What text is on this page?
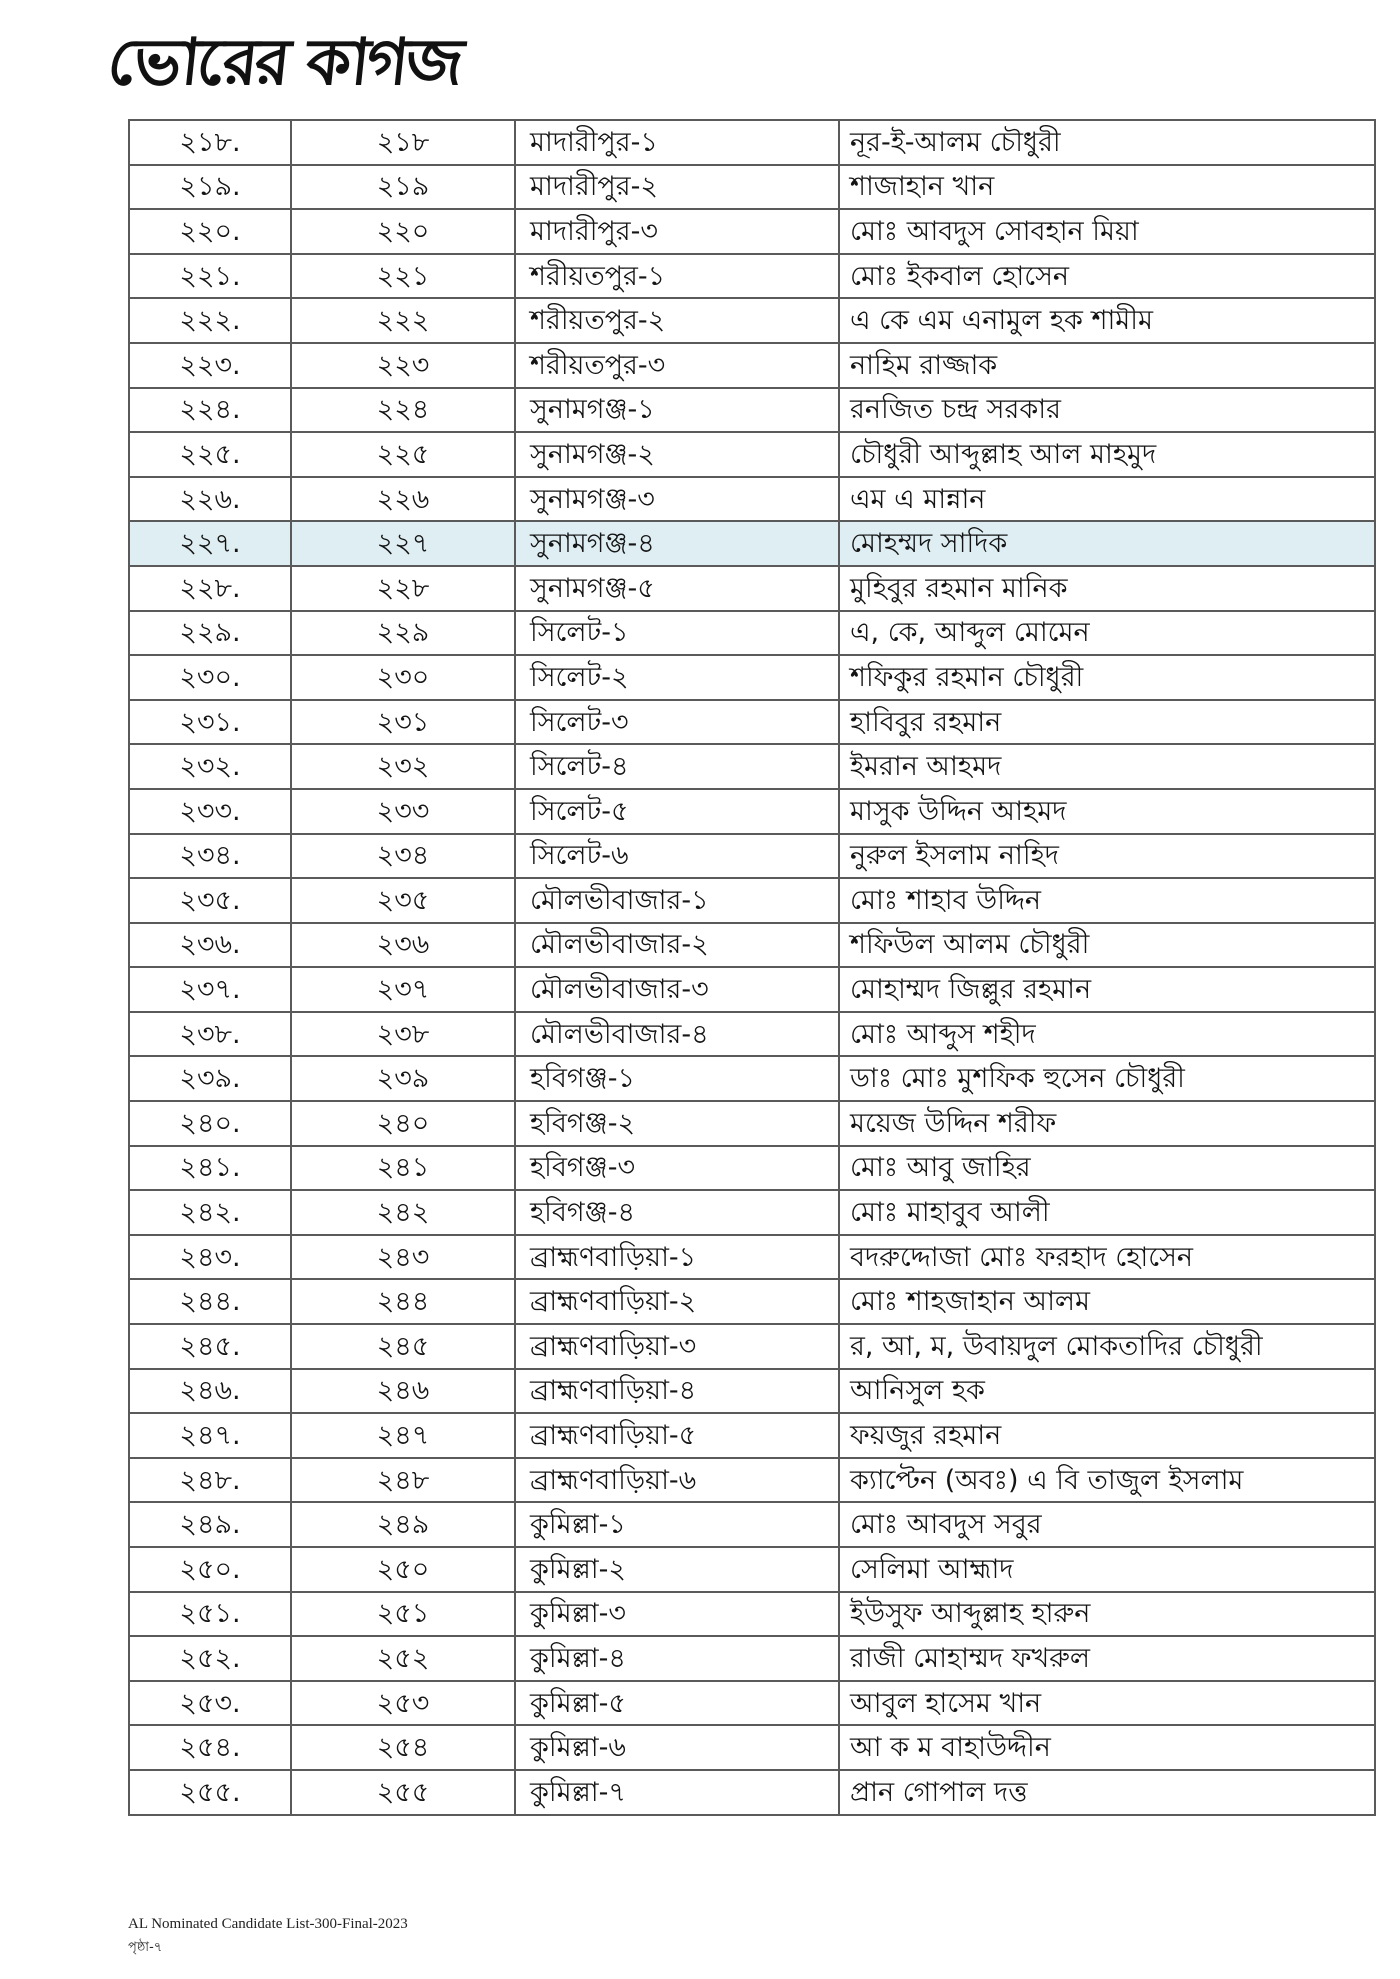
ভোরের কাগজ
২১৮.	২১৮	মাদারীপুর-১	নূর-ই-আলম চৌধুরী
২১৯.	২১৯	মাদারীপুর-২	শাজাহান খান
২২০.	২২০	মাদারীপুর-৩	মোঃ আবদুস সোবহান মিয়া
২২১.	২২১	শরীয়তপুর-১	মোঃ ইকবাল হোসেন
২২২.	২২২	শরীয়তপুর-২	এ কে এম এনামুল হক শামীম
২২৩.	২২৩	শরীয়তপুর-৩	নাহিম রাজ্জাক
২২৪.	২২৪	সুনামগঞ্জ-১	রনজিত চন্দ্র সরকার
২২৫.	২২৫	সুনামগঞ্জ-২	চৌধুরী আব্দুল্লাহ আল মাহমুদ
২২৬.	২২৬	সুনামগঞ্জ-৩	এম এ মান্নান
২২৭.	২২৭	সুনামগঞ্জ-৪	মোহম্মদ সাদিক
২২৮.	২২৮	সুনামগঞ্জ-৫	মুহিবুর রহমান মানিক
২২৯.	২২৯	সিলেট-১	এ, কে, আব্দুল মোমেন
২৩০.	২৩০	সিলেট-২	শফিকুর রহমান চৌধুরী
২৩১.	২৩১	সিলেট-৩	হাবিবুর রহমান
২৩২.	২৩২	সিলেট-৪	ইমরান আহমদ
২৩৩.	২৩৩	সিলেট-৫	মাসুক উদ্দিন আহমদ
২৩৪.	২৩৪	সিলেট-৬	নুরুল ইসলাম নাহিদ
২৩৫.	২৩৫	মৌলভীবাজার-১	মোঃ শাহাব উদ্দিন
২৩৬.	২৩৬	মৌলভীবাজার-২	শফিউল আলম চৌধুরী
২৩৭.	২৩৭	মৌলভীবাজার-৩	মোহাম্মদ জিল্লুর রহমান
২৩৮.	২৩৮	মৌলভীবাজার-৪	মোঃ আব্দুস শহীদ
২৩৯.	২৩৯	হবিগঞ্জ-১	ডাঃ মোঃ মুশফিক হুসেন চৌধুরী
২৪০.	২৪০	হবিগঞ্জ-২	ময়েজ উদ্দিন শরীফ
২৪১.	২৪১	হবিগঞ্জ-৩	মোঃ আবু জাহির
২৪২.	২৪২	হবিগঞ্জ-৪	মোঃ মাহাবুব আলী
২৪৩.	২৪৩	ব্রাহ্মণবাড়িয়া-১	বদরুদ্দোজা মোঃ ফরহাদ হোসেন
২৪৪.	২৪৪	ব্রাহ্মণবাড়িয়া-২	মোঃ শাহজাহান আলম
২৪৫.	২৪৫	ব্রাহ্মণবাড়িয়া-৩	র, আ, ম, উবায়দুল মোকতাদির চৌধুরী
২৪৬.	২৪৬	ব্রাহ্মণবাড়িয়া-৪	আনিসুল হক
২৪৭.	২৪৭	ব্রাহ্মণবাড়িয়া-৫	ফয়জুর রহমান
২৪৮.	২৪৮	ব্রাহ্মণবাড়িয়া-৬	ক্যাপ্টেন (অবঃ) এ বি তাজুল ইসলাম
২৪৯.	২৪৯	কুমিল্লা-১	মোঃ আবদুস সবুর
২৫০.	২৫০	কুমিল্লা-২	সেলিমা আহ্মাদ
২৫১.	২৫১	কুমিল্লা-৩	ইউসুফ আব্দুল্লাহ হারুন
২৫২.	২৫২	কুমিল্লা-৪	রাজী মোহাম্মদ ফখরুল
২৫৩.	২৫৩	কুমিল্লা-৫	আবুল হাসেম খান
২৫৪.	২৫৪	কুমিল্লা-৬	আ ক ম বাহাউদ্দীন
২৫৫.	২৫৫	কুমিল্লা-৭	প্রান গোপাল দত্ত
AL Nominated Candidate List-300-Final-2023
পৃষ্ঠা-৭
